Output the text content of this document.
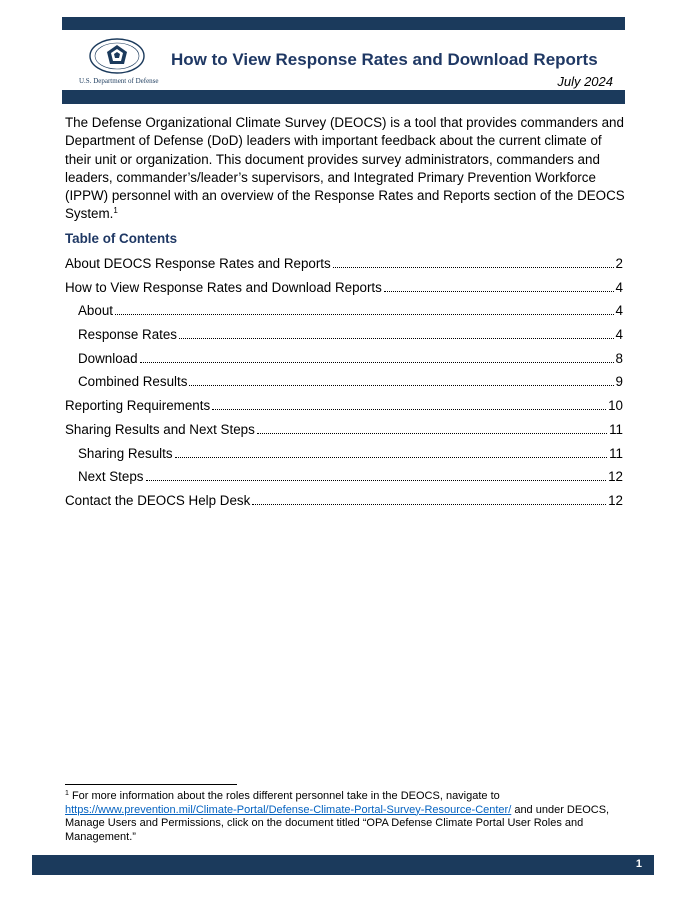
U.S. Department of Defense
How to View Response Rates and Download Reports
July 2024
The Defense Organizational Climate Survey (DEOCS) is a tool that provides commanders and Department of Defense (DoD) leaders with important feedback about the current climate of their unit or organization. This document provides survey administrators, commanders and leaders, commander’s/leader’s supervisors, and Integrated Primary Prevention Workforce (IPPW) personnel with an overview of the Response Rates and Reports section of the DEOCS System.$^1$
Table of Contents
About DEOCS Response Rates and Reports	2
How to View Response Rates and Download Reports	4
About	4
Response Rates	4
Download	8
Combined Results	9
Reporting Requirements	10
Sharing Results and Next Steps	11
Sharing Results	11
Next Steps	12
Contact the DEOCS Help Desk	12
$^1$ For more information about the roles different personnel take in the DEOCS, navigate to https://www.prevention.mil/Climate-Portal/Defense-Climate-Portal-Survey-Resource-Center/ and under DEOCS, Manage Users and Permissions, click on the document titled “OPA Defense Climate Portal User Roles and Management.”
1
